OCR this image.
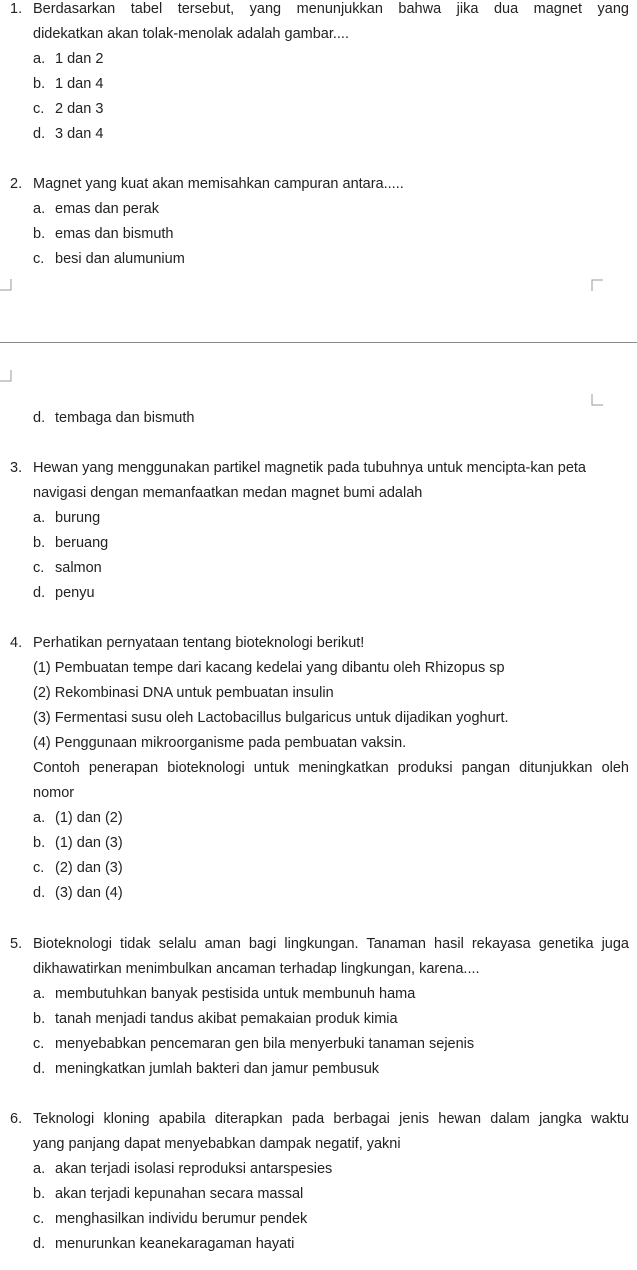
1. Berdasarkan tabel tersebut, yang menunjukkan bahwa jika dua magnet yang
didekatkan akan tolak-menolak adalah gambar....
a. 1 dan 2
b. 1 dan 4
c. 2 dan 3
d. 3 dan 4
2. Magnet yang kuat akan memisahkan campuran antara.....
a. emas dan perak
b. emas dan bismuth
c. besi dan alumunium
d. tembaga dan bismuth
3. Hewan yang menggunakan partikel magnetik pada tubuhnya untuk mencipta-kan peta
navigasi dengan memanfaatkan medan magnet bumi adalah
a. burung
b. beruang
c. salmon
d. penyu
4. Perhatikan pernyataan tentang bioteknologi berikut!
(1) Pembuatan tempe dari kacang kedelai yang dibantu oleh Rhizopus sp
(2) Rekombinasi DNA untuk pembuatan insulin
(3) Fermentasi susu oleh Lactobacillus bulgaricus untuk dijadikan yoghurt.
(4) Penggunaan mikroorganisme pada pembuatan vaksin.
Contoh penerapan bioteknologi untuk meningkatkan produksi pangan ditunjukkan oleh
nomor
a. (1) dan (2)
b. (1) dan (3)
c. (2) dan (3)
d. (3) dan (4)
5. Bioteknologi tidak selalu aman bagi lingkungan. Tanaman hasil rekayasa genetika juga
dikhawatirkan menimbulkan ancaman terhadap lingkungan, karena....
a. membutuhkan banyak pestisida untuk membunuh hama
b. tanah menjadi tandus akibat pemakaian produk kimia
c. menyebabkan pencemaran gen bila menyerbuki tanaman sejenis
d. meningkatkan jumlah bakteri dan jamur pembusuk
6. Teknologi kloning apabila diterapkan pada berbagai jenis hewan dalam jangka waktu
yang panjang dapat menyebabkan dampak negatif, yakni
a. akan terjadi isolasi reproduksi antarspesies
b. akan terjadi kepunahan secara massal
c. menghasilkan individu berumur pendek
d. menurunkan keanekaragaman hayati
